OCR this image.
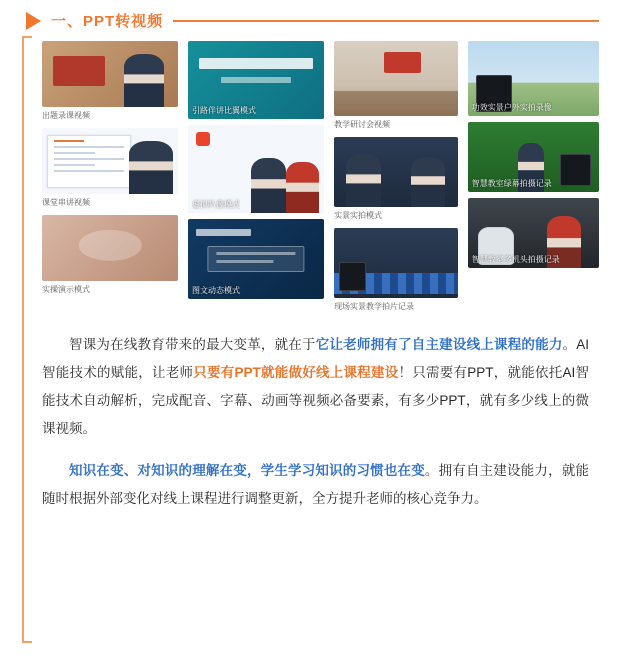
一、PPT转视频
出题录课视频
课堂串讲视频
实操演示模式
引路伴讲比翼模式
虚拟叭像模式
图文动态模式
教学研讨会视频
实景实拍模式
现场实景教学拍片记录
功效实景户外实拍录像
智慧教室绿幕拍摄记录
智慧教室多机头拍摄记录

智课为在线教育带来的最大变革，就在于它让老师拥有了自主建设线上课程的能力。AI智能技术的赋能，让老师只要有PPT就能做好线上课程建设！只需要有PPT，就能依托AI智能技术自动解析，完成配音、字幕、动画等视频必备要素，有多少PPT，就有多少线上的微课视频。

知识在变、对知识的理解在变，学生学习知识的习惯也在变。拥有自主建设能力，就能随时根据外部变化对线上课程进行调整更新，全方提升老师的核心竞争力。
